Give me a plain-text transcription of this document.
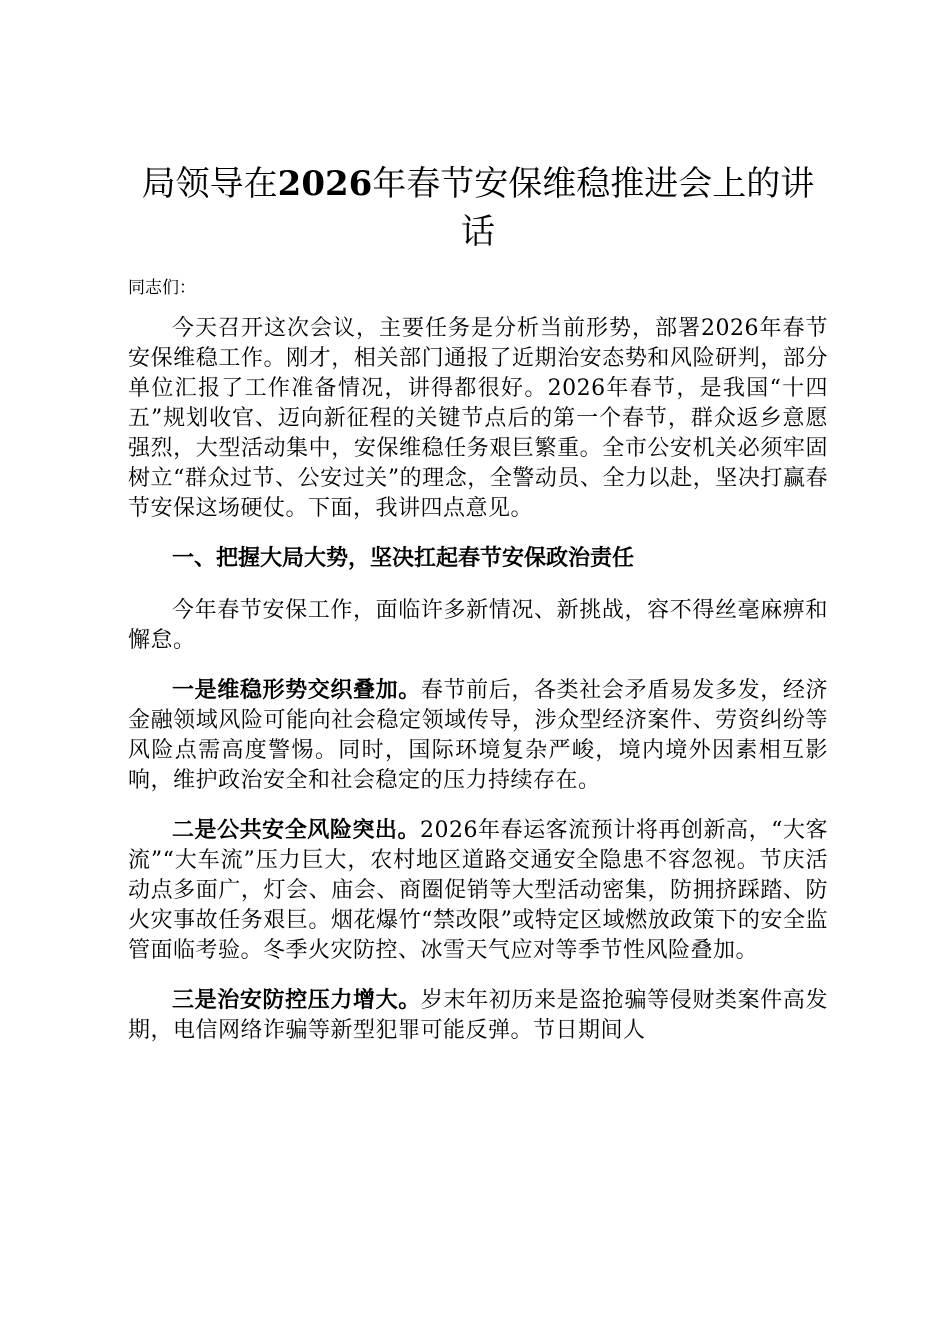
局领导在2026年春节安保维稳推进会上的讲话

同志们：

今天召开这次会议，主要任务是分析当前形势，部署2026年春节安保维稳工作。刚才，相关部门通报了近期治安态势和风险研判，部分单位汇报了工作准备情况，讲得都很好。2026年春节，是我国“十四五”规划收官、迈向新征程的关键节点后的第一个春节，群众返乡意愿强烈，大型活动集中，安保维稳任务艰巨繁重。全市公安机关必须牢固树立“群众过节、公安过关”的理念，全警动员、全力以赴，坚决打赢春节安保这场硬仗。下面，我讲四点意见。

一、把握大局大势，坚决扛起春节安保政治责任

今年春节安保工作，面临许多新情况、新挑战，容不得丝毫麻痹和懈怠。

一是维稳形势交织叠加。春节前后，各类社会矛盾易发多发，经济金融领域风险可能向社会稳定领域传导，涉众型经济案件、劳资纠纷等风险点需高度警惕。同时，国际环境复杂严峻，境内境外因素相互影响，维护政治安全和社会稳定的压力持续存在。

二是公共安全风险突出。2026年春运客流预计将再创新高，“大客流”“大车流”压力巨大，农村地区道路交通安全隐患不容忽视。节庆活动点多面广，灯会、庙会、商圈促销等大型活动密集，防拥挤踩踏、防火灾事故任务艰巨。烟花爆竹“禁改限”或特定区域燃放政策下的安全监管面临考验。冬季火灾防控、冰雪天气应对等季节性风险叠加。

三是治安防控压力增大。岁末年初历来是盗抢骗等侵财类案件高发期，电信网络诈骗等新型犯罪可能反弹。节日期间人
